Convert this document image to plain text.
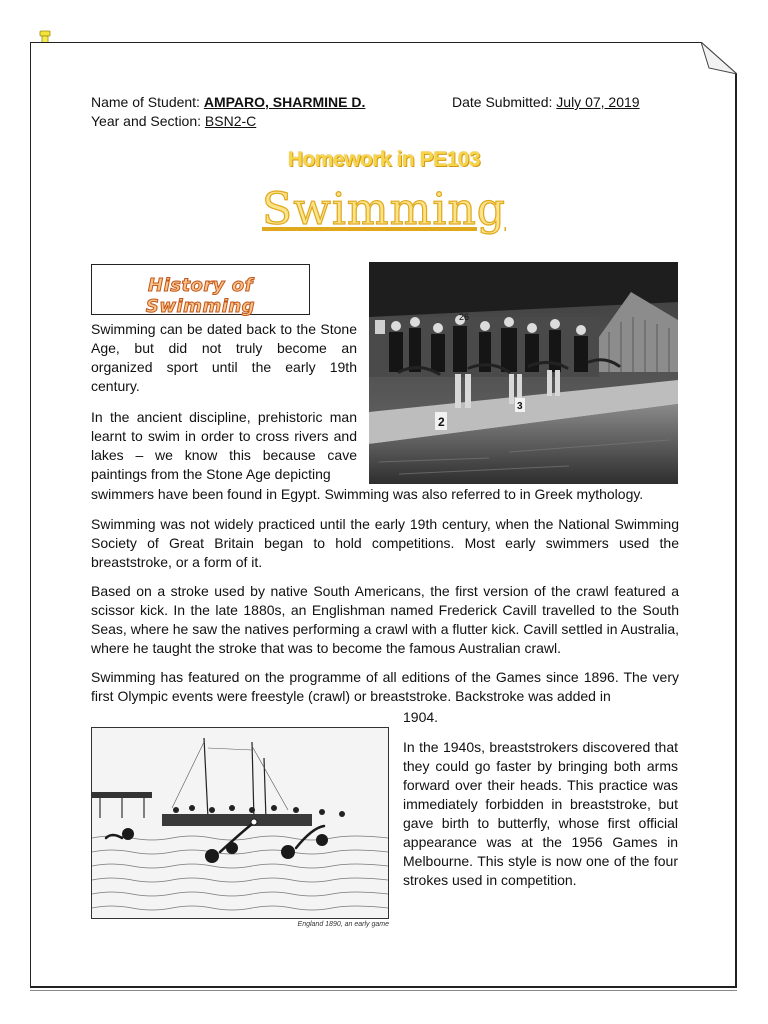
Name of Student: AMPARO, SHARMINE D.	Date Submitted: July 07, 2019
Year and Section: BSN2-C
Homework in PE103
Swimming
History of Swimming
Swimming can be dated back to the Stone Age, but did not truly become an organized sport until the early 19th century.
In the ancient discipline, prehistoric man learnt to swim in order to cross rivers and lakes – we know this because cave paintings from the Stone Age depicting
swimmers have been found in Egypt. Swimming was also referred to in Greek mythology.
Swimming was not widely practiced until the early 19th century, when the National Swimming Society of Great Britain began to hold competitions. Most early swimmers used the breaststroke, or a form of it.
Based on a stroke used by native South Americans, the first version of the crawl featured a scissor kick. In the late 1880s, an Englishman named Frederick Cavill travelled to the South Seas, where he saw the natives performing a crawl with a flutter kick. Cavill settled in Australia, where he taught the stroke that was to become the famous Australian crawl.
Swimming has featured on the programme of all editions of the Games since 1896. The very first Olympic events were freestyle (crawl) or breaststroke. Backstroke was added in
1904.
In the 1940s, breaststrokers discovered that they could go faster by bringing both arms forward over their heads. This practice was immediately forbidden in breaststroke, but gave birth to butterfly, whose first official appearance was at the 1956 Games in Melbourne. This style is now one of the four strokes used in competition.
26
2
3
England 1890, an early game
